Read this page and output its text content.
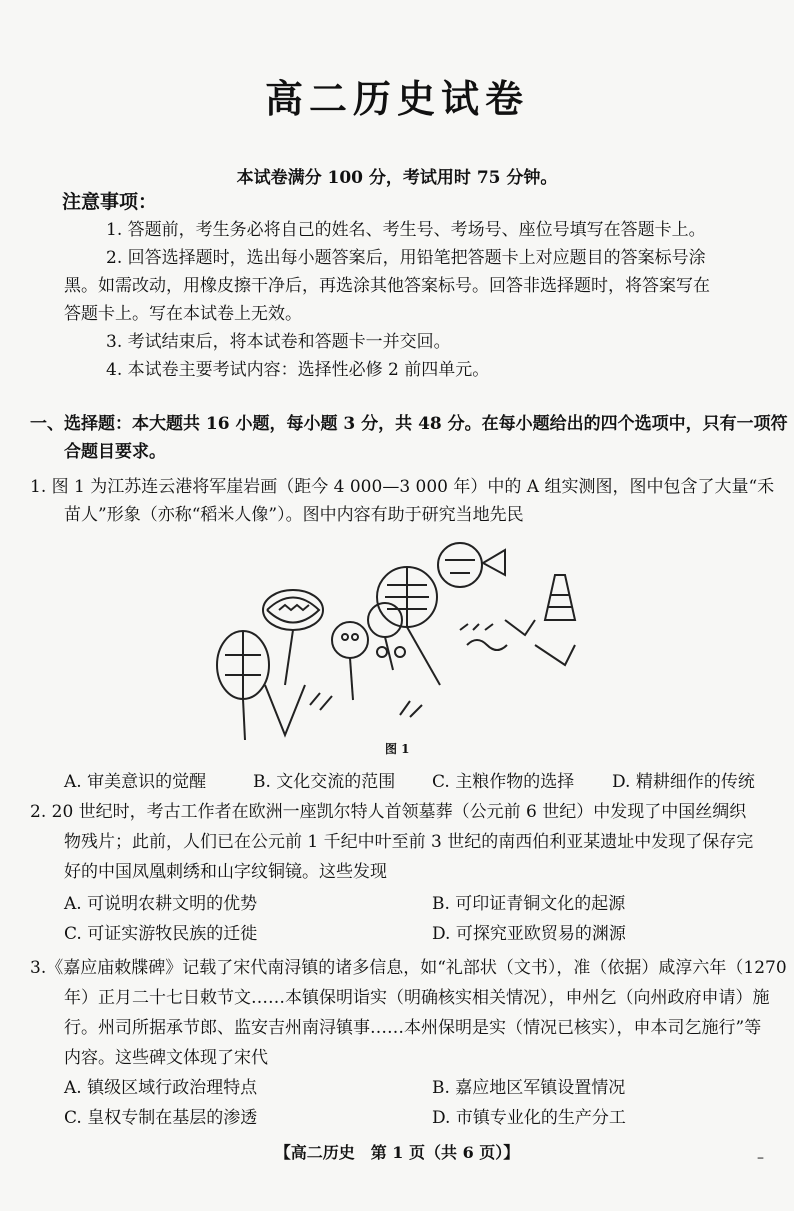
高二历史试卷
本试卷满分 100 分，考试用时 75 分钟。
注意事项：
1. 答题前，考生务必将自己的姓名、考生号、考场号、座位号填写在答题卡上。
2. 回答选择题时，选出每小题答案后，用铅笔把答题卡上对应题目的答案标号涂
黑。如需改动，用橡皮擦干净后，再选涂其他答案标号。回答非选择题时，将答案写在
答题卡上。写在本试卷上无效。
3. 考试结束后，将本试卷和答题卡一并交回。
4. 本试卷主要考试内容：选择性必修 2 前四单元。
一、选择题：本大题共 16 小题，每小题 3 分，共 48 分。在每小题给出的四个选项中，只有一项符
合题目要求。
1. 图 1 为江苏连云港将军崖岩画（距今 4 000—3 000 年）中的 A 组实测图，图中包含了大量“禾
苗人”形象（亦称“稻米人像”）。图中内容有助于研究当地先民
图 1
A. 审美意识的觉醒	B. 文化交流的范围 C. 主粮作物的选择 D. 精耕细作的传统
2. 20 世纪时，考古工作者在欧洲一座凯尔特人首领墓葬（公元前 6 世纪）中发现了中国丝绸织
物残片；此前，人们已在公元前 1 千纪中叶至前 3 世纪的南西伯利亚某遗址中发现了保存完
好的中国凤凰刺绣和山字纹铜镜。这些发现
A. 可说明农耕文明的优势	B. 可印证青铜文化的起源
C. 可证实游牧民族的迁徙	D. 可探究亚欧贸易的渊源
3.《嘉应庙敕牒碑》记载了宋代南浔镇的诸多信息，如“礼部状（文书），准（依据）咸淳六年（1270
年）正月二十七日敕节文……本镇保明诣实（明确核实相关情况），申州乞（向州政府申请）施
行。州司所据承节郎、监安吉州南浔镇事……本州保明是实（情况已核实），申本司乞施行”等
内容。这些碑文体现了宋代
A. 镇级区域行政治理特点	B. 嘉应地区军镇设置情况
C. 皇权专制在基层的渗透	D. 市镇专业化的生产分工
【高二历史　第 1 页（共 6 页）】	–
